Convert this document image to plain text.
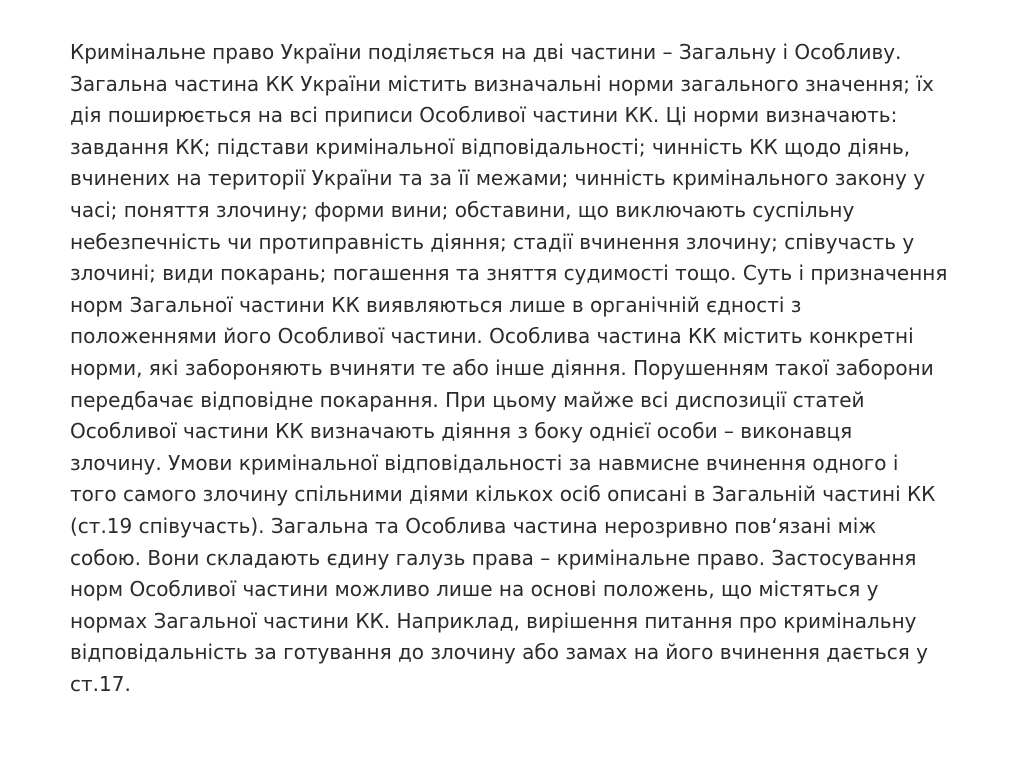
Кримінальне право України поділяється на дві частини – Загальну і Особливу.
Загальна частина КК України містить визначальні норми загального значення; їх
дія поширюється на всі приписи Особливої частини КК. Ці норми визначають:
завдання КК; підстави кримінальної відповідальності; чинність КК щодо діянь,
вчинених на території України та за її межами; чинність кримінального закону у
часі; поняття злочину; форми вини; обставини, що виключають суспільну
небезпечність чи протиправність діяння; стадії вчинення злочину; співучасть у
злочині; види покарань; погашення та зняття судимості тощо. Суть і призначення
норм Загальної частини КК виявляються лише в органічній єдності з
положеннями його Особливої частини. Особлива частина КК містить конкретні
норми, які забороняють вчиняти те або інше діяння. Порушенням такої заборони
передбачає відповідне покарання. При цьому майже всі диспозиції статей
Особливої частини КК визначають діяння з боку однієї особи – виконавця
злочину. Умови кримінальної відповідальності за навмисне вчинення одного і
того самого злочину спільними діями кількох осіб описані в Загальній частині КК
(ст.19 співучасть). Загальна та Особлива частина нерозривно пов‘язані між
собою. Вони складають єдину галузь права – кримінальне право. Застосування
норм Особливої частини можливо лише на основі положень, що містяться у
нормах Загальної частини КК. Наприклад, вирішення питання про кримінальну
відповідальність за готування до злочину або замах на його вчинення дається у
ст.17.
